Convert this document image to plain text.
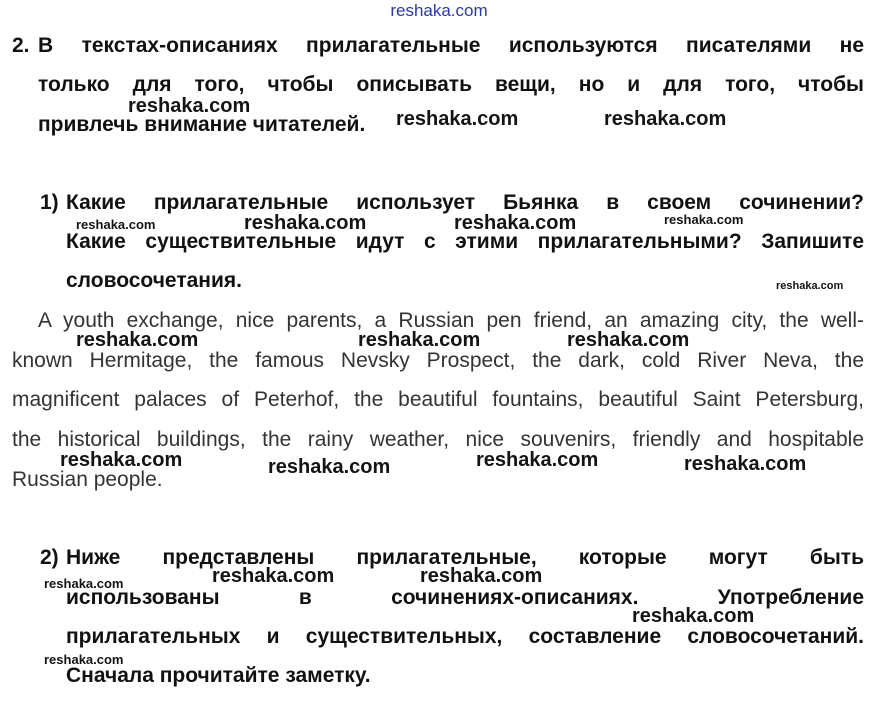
reshaka.com
2. В текстах-описаниях прилагательные используются писателями не
только для того, чтобы описывать вещи, но и для того, чтобы
привлечь внимание читателей.
1) Какие прилагательные использует Бьянка в своем сочинении?
Какие существительные идут с этими прилагательными? Запишите
словосочетания.
A youth exchange, nice parents, a Russian pen friend, an amazing city, the well-
known Hermitage, the famous Nevsky Prospect, the dark, cold River Neva, the
magnificent palaces of Peterhof, the beautiful fountains, beautiful Saint Petersburg,
the historical buildings, the rainy weather, nice souvenirs, friendly and hospitable
Russian people.
2) Ниже представлены прилагательные, которые могут быть
использованы в сочинениях-описаниях. Употребление
прилагательных и существительных, составление словосочетаний.
Сначала прочитайте заметку.
reshaka.com
reshaka.com	reshaka.com
reshaka.com	reshaka.com	reshaka.com	reshaka.com
reshaka.com
reshaka.com	reshaka.com	reshaka.com
reshaka.com	reshaka.com	reshaka.com	reshaka.com
reshaka.com	reshaka.com	reshaka.com
reshaka.com
reshaka.com
